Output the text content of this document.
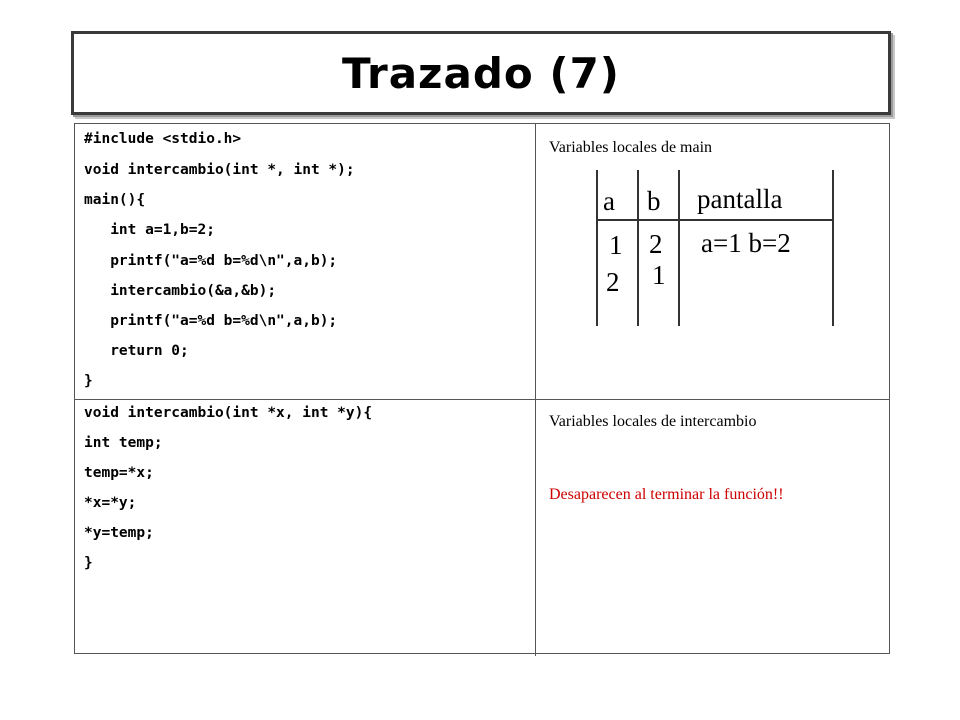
Trazado (7)
#include <stdio.h>
void intercambio(int *, int *);
main(){
int a=1,b=2;
printf("a=%d b=%d\n",a,b);
intercambio(&a,&b);
printf("a=%d b=%d\n",a,b);
return 0;
}
void intercambio(int *x, int *y){
int temp;
temp=*x;
*x=*y;
*y=temp;
}
Variables locales de main
a b pantalla
1
2
2
1
a=1 b=2
Variables locales de intercambio
Desaparecen al terminar la función!!
